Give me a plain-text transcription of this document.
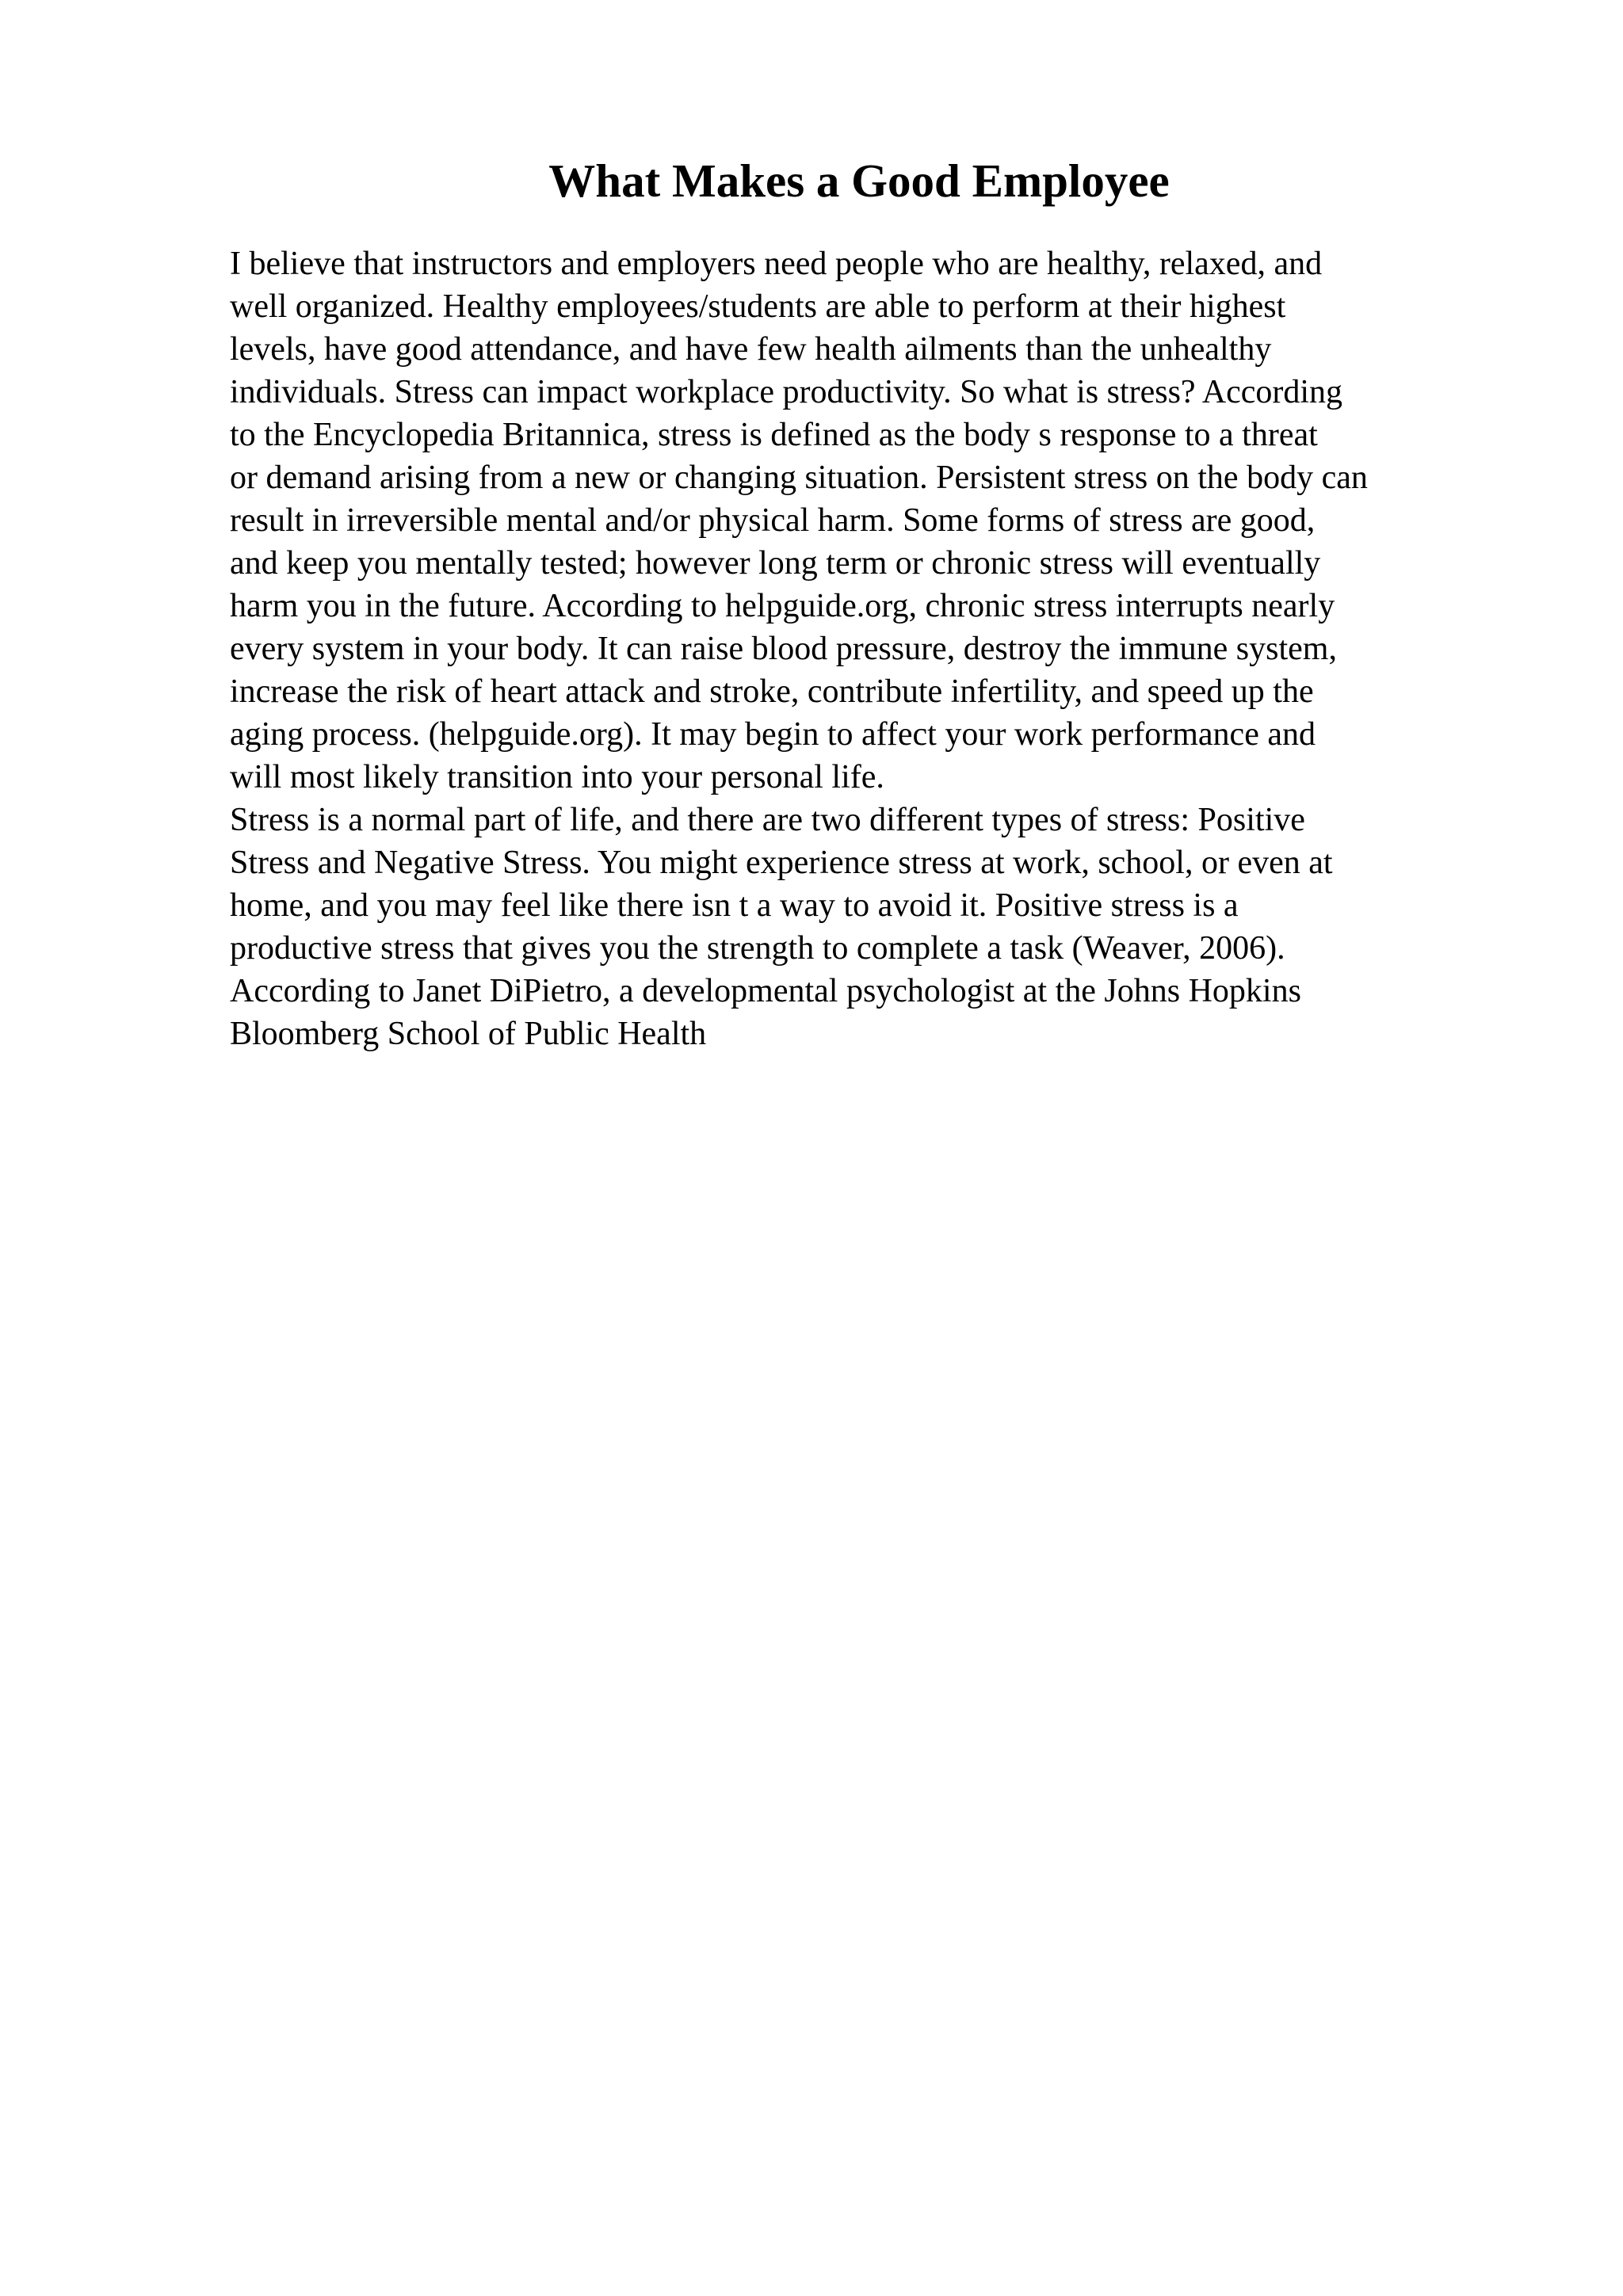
What Makes a Good Employee
I believe that instructors and employers need people who are healthy, relaxed, and
well organized. Healthy employees/students are able to perform at their highest
levels, have good attendance, and have few health ailments than the unhealthy
individuals. Stress can impact workplace productivity. So what is stress? According
to the Encyclopedia Britannica, stress is defined as the body s response to a threat
or demand arising from a new or changing situation. Persistent stress on the body can
result in irreversible mental and/or physical harm. Some forms of stress are good,
and keep you mentally tested; however long term or chronic stress will eventually
harm you in the future. According to helpguide.org, chronic stress interrupts nearly
every system in your body. It can raise blood pressure, destroy the immune system,
increase the risk of heart attack and stroke, contribute infertility, and speed up the
aging process. (helpguide.org). It may begin to affect your work performance and
will most likely transition into your personal life.
Stress is a normal part of life, and there are two different types of stress: Positive
Stress and Negative Stress. You might experience stress at work, school, or even at
home, and you may feel like there isn t a way to avoid it. Positive stress is a
productive stress that gives you the strength to complete a task (Weaver, 2006).
According to Janet DiPietro, a developmental psychologist at the Johns Hopkins
Bloomberg School of Public Health
